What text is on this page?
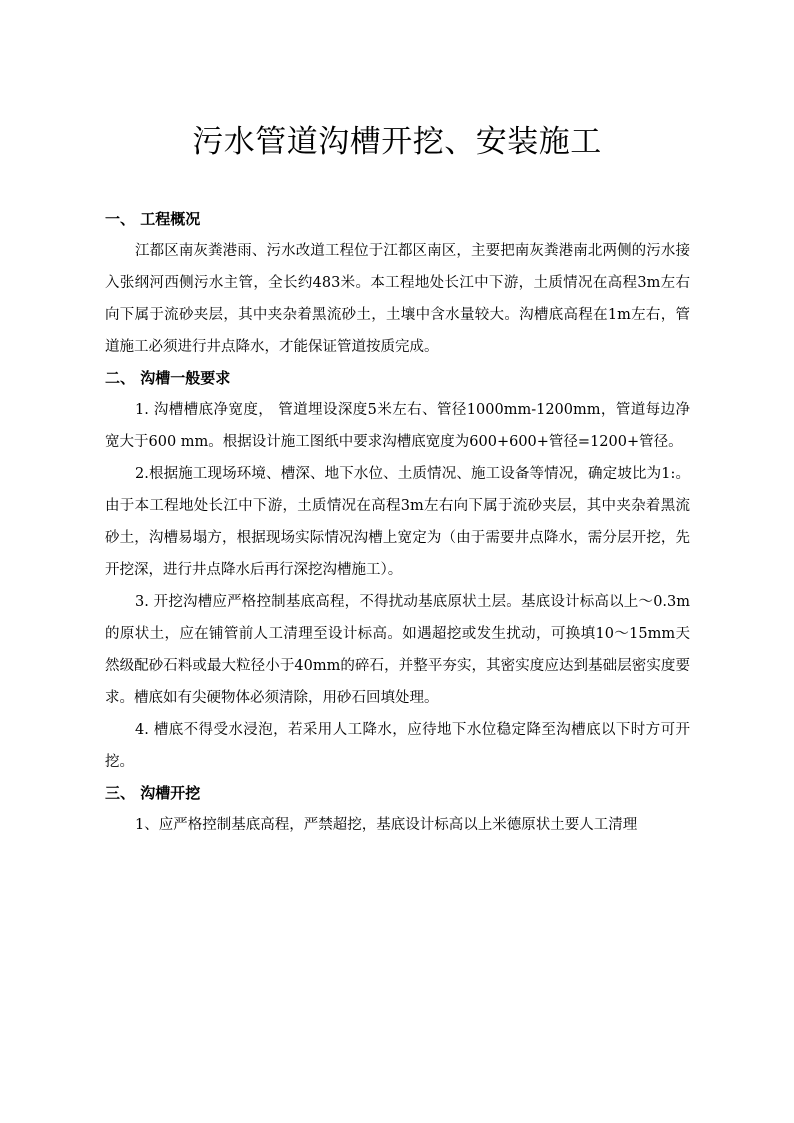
污水管道沟槽开挖、安装施工

一、 工程概况

江都区南灰粪港雨、污水改道工程位于江都区南区，主要把南灰粪港南北两侧的污水接入张纲河西侧污水主管，全长约483米。本工程地处长江中下游，土质情况在高程3m左右向下属于流砂夹层，其中夹杂着黑流砂土，土壤中含水量较大。沟槽底高程在1m左右，管道施工必须进行井点降水，才能保证管道按质完成。

二、 沟槽一般要求

1. 沟槽槽底净宽度， 管道埋设深度5米左右、管径1000mm-1200mm，管道每边净宽大于600 mm。根据设计施工图纸中要求沟槽底宽度为600+600+管径=1200+管径。

2.根据施工现场环境、槽深、地下水位、土质情况、施工设备等情况，确定坡比为1:。由于本工程地处长江中下游，土质情况在高程3m左右向下属于流砂夹层，其中夹杂着黑流砂土，沟槽易塌方，根据现场实际情况沟槽上宽定为（由于需要井点降水，需分层开挖，先开挖深，进行井点降水后再行深挖沟槽施工）。

3. 开挖沟槽应严格控制基底高程，不得扰动基底原状土层。基底设计标高以上～0.3m的原状土，应在铺管前人工清理至设计标高。如遇超挖或发生扰动，可换填10～15mm天然级配砂石料或最大粒径小于40mm的碎石，并整平夯实，其密实度应达到基础层密实度要求。槽底如有尖硬物体必须清除，用砂石回填处理。

4. 槽底不得受水浸泡，若采用人工降水，应待地下水位稳定降至沟槽底以下时方可开挖。

三、 沟槽开挖

1、应严格控制基底高程，严禁超挖，基底设计标高以上米德原状土要人工清理
